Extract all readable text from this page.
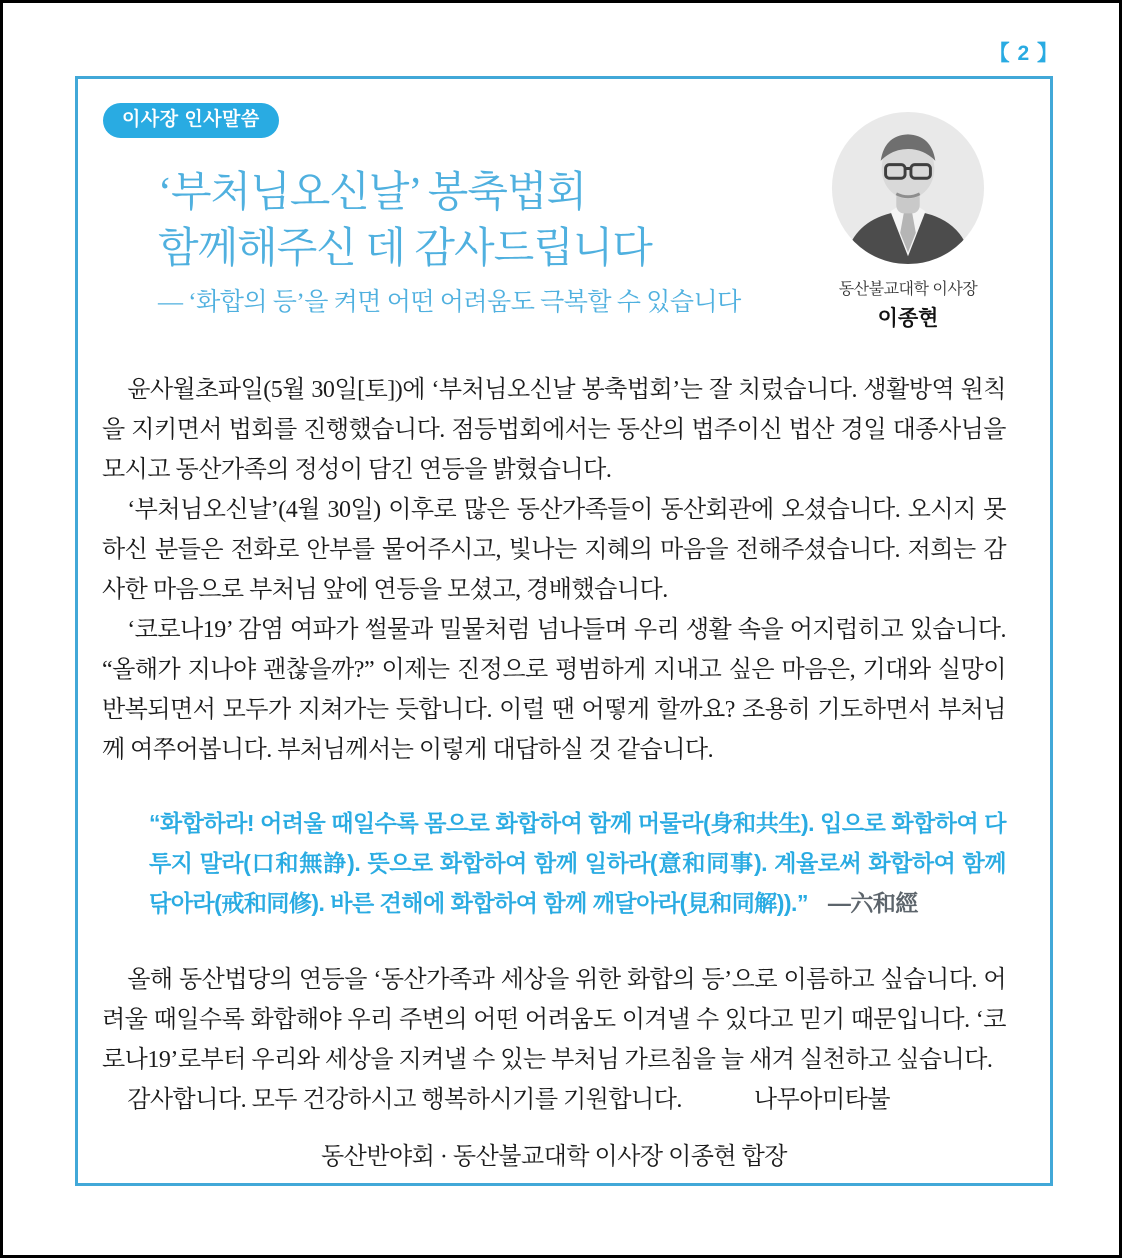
【 2 】
이사장 인사말씀
동산불교대학 이사장
이종현
‘부처님오신날’ 봉축법회
함께해주신 데 감사드립니다
— ‘화합의 등’을 켜면 어떤 어려움도 극복할 수 있습니다

윤사월초파일(5월 30일[토])에 ‘부처님오신날 봉축법회’는 잘 치렀습니다. 생활방역 원칙을 지키면서 법회를 진행했습니다. 점등법회에서는 동산의 법주이신 법산 경일 대종사님을 모시고 동산가족의 정성이 담긴 연등을 밝혔습니다.

‘부처님오신날’(4월 30일) 이후로 많은 동산가족들이 동산회관에 오셨습니다. 오시지 못하신 분들은 전화로 안부를 물어주시고, 빛나는 지혜의 마음을 전해주셨습니다. 저희는 감사한 마음으로 부처님 앞에 연등을 모셨고, 경배했습니다.

‘코로나19’ 감염 여파가 썰물과 밀물처럼 넘나들며 우리 생활 속을 어지럽히고 있습니다. “올해가 지나야 괜찮을까?” 이제는 진정으로 평범하게 지내고 싶은 마음은, 기대와 실망이 반복되면서 모두가 지쳐가는 듯합니다. 이럴 땐 어떻게 할까요? 조용히 기도하면서 부처님께 여쭈어봅니다. 부처님께서는 이렇게 대답하실 것 같습니다.

“화합하라! 어려울 때일수록 몸으로 화합하여 함께 머물라(身和共生). 입으로 화합하여 다투지 말라(口和無諍). 뜻으로 화합하여 함께 일하라(意和同事). 계율로써 화합하여 함께 닦아라(戒和同修). 바른 견해에 화합하여 함께 깨달아라(見和同解)).” —六和經

올해 동산법당의 연등을 ‘동산가족과 세상을 위한 화합의 등’으로 이름하고 싶습니다. 어려울 때일수록 화합해야 우리 주변의 어떤 어려움도 이겨낼 수 있다고 믿기 때문입니다. ‘코로나19’로부터 우리와 세상을 지켜낼 수 있는 부처님 가르침을 늘 새겨 실천하고 싶습니다.

감사합니다. 모두 건강하시고 행복하시기를 기원합니다.	나무아미타불

동산반야회 · 동산불교대학 이사장 이종현 합장
